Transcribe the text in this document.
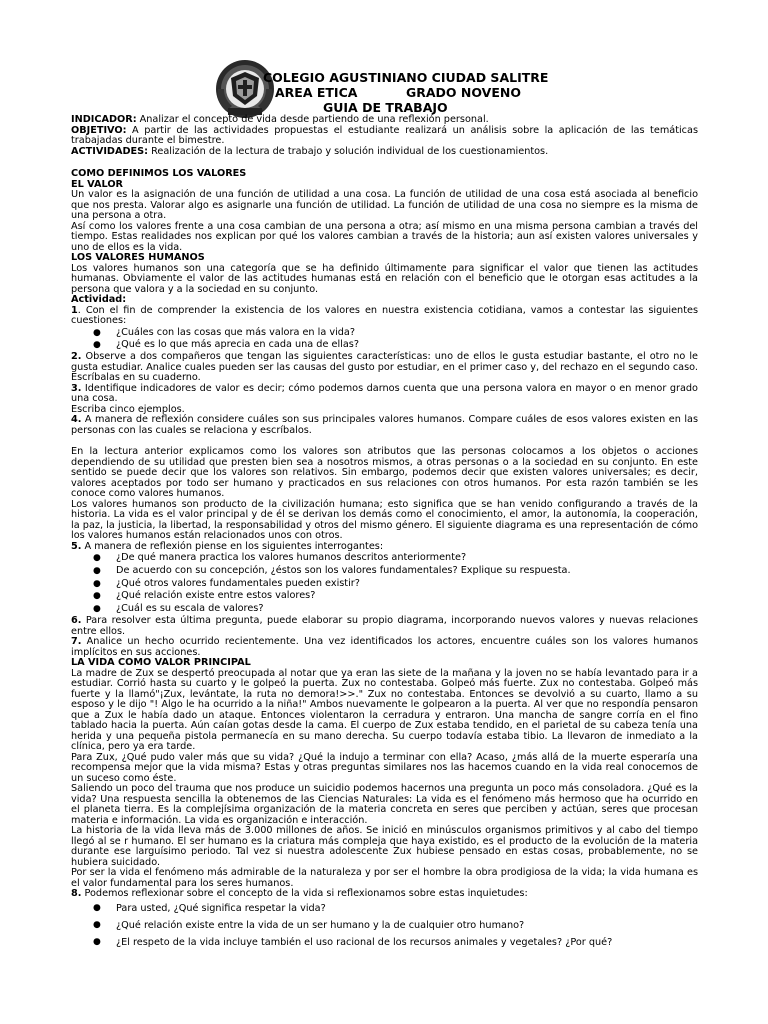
COLEGIO AGUSTINIANO CIUDAD SALITRE
AREA ETICA	GRADO NOVENO
GUIA DE TRABAJO

INDICADOR: Analizar el concepto de vida desde partiendo de una reflexión personal.

OBJETIVO: A partir de las actividades propuestas el estudiante realizará un análisis sobre la aplicación de las temáticas trabajadas durante el bimestre.

ACTIVIDADES: Realización de la lectura de trabajo y solución individual de los cuestionamientos.

COMO DEFINIMOS LOS VALORES

EL VALOR

Un valor es la asignación de una función de utilidad a una cosa. La función de utilidad de una cosa está asociada al beneficio que nos presta. Valorar algo es asignarle una función de utilidad. La función de utilidad de una cosa no siempre es la misma de una persona a otra.

Así como los valores frente a una cosa cambian de una persona a otra; así mismo en una misma persona cambian a través del tiempo. Estas realidades nos explican por qué los valores cambian a través de la historia; aun así existen valores universales y uno de ellos es la vida.

LOS VALORES HUMANOS

Los valores humanos son una categoría que se ha definido últimamente para significar el valor que tienen las actitudes humanas. Obviamente el valor de las actitudes humanas está en relación con el beneficio que le otorgan esas actitudes a la persona que valora y a la sociedad en su conjunto.

Actividad:

1. Con el fin de comprender la existencia de los valores en nuestra existencia cotidiana, vamos a contestar las siguientes cuestiones:

● ¿Cuáles con las cosas que más valora en la vida?
● ¿Qué es lo que más aprecia en cada una de ellas?

2. Observe a dos compañeros que tengan las siguientes características: uno de ellos le gusta estudiar bastante, el otro no le gusta estudiar. Analice cuales pueden ser las causas del gusto por estudiar, en el primer caso y, del rechazo en el segundo caso. Escríbalas en su cuaderno.

3. Identifique indicadores de valor es decir; cómo podemos darnos cuenta que una persona valora en mayor o en menor grado una cosa.

Escriba cinco ejemplos.

4. A manera de reflexión considere cuáles son sus principales valores humanos. Compare cuáles de esos valores existen en las personas con las cuales se relaciona y escríbalos.

En la lectura anterior explicamos como los valores son atributos que las personas colocamos a los objetos o acciones dependiendo de su utilidad que presten bien sea a nosotros mismos, a otras personas o a la sociedad en su conjunto. En este sentido se puede decir que los valores son relativos. Sin embargo, podemos decir que existen valores universales; es decir, valores aceptados por todo ser humano y practicados en sus relaciones con otros humanos. Por esta razón también se les conoce como valores humanos.

Los valores humanos son producto de la civilización humana; esto significa que se han venido configurando a través de la historia. La vida es el valor principal y de él se derivan los demás como el conocimiento, el amor, la autonomía, la cooperación, la paz, la justicia, la libertad, la responsabilidad y otros del mismo género. El siguiente diagrama es una representación de cómo los valores humanos están relacionados unos con otros.

5. A manera de reflexión piense en los siguientes interrogantes:

● ¿De qué manera practica los valores humanos descritos anteriormente?
● De acuerdo con su concepción, ¿éstos son los valores fundamentales? Explique su respuesta.
● ¿Qué otros valores fundamentales pueden existir?
● ¿Qué relación existe entre estos valores?
● ¿Cuál es su escala de valores?

6. Para resolver esta última pregunta, puede elaborar su propio diagrama, incorporando nuevos valores y nuevas relaciones entre ellos.

7. Analice un hecho ocurrido recientemente. Una vez identificados los actores, encuentre cuáles son los valores humanos implícitos en sus acciones.

LA VIDA COMO VALOR PRINCIPAL

La madre de Zux se despertó preocupada al notar que ya eran las siete de la mañana y la joven no se había levantado para ir a estudiar. Corrió hasta su cuarto y le golpeó la puerta. Zux no contestaba. Golpeó más fuerte. Zux no contestaba. Golpeó más fuerte y la llamó"¡Zux, levántate, la ruta no demora!>>." Zux no contestaba. Entonces se devolvió a su cuarto, llamo a su esposo y le dijo "! Algo le ha ocurrido a la niña!" Ambos nuevamente le golpearon a la puerta. Al ver que no respondía pensaron que a Zux le había dado un ataque. Entonces violentaron la cerradura y entraron. Una mancha de sangre corría en el fino tablado hacia la puerta. Aún caían gotas desde la cama. El cuerpo de Zux estaba tendido, en el parietal de su cabeza tenía una herida y una pequeña pistola permanecía en su mano derecha. Su cuerpo todavía estaba tibio. La llevaron de inmediato a la clínica, pero ya era tarde.

Para Zux, ¿Qué pudo valer más que su vida? ¿Qué la indujo a terminar con ella? Acaso, ¿más allá de la muerte esperaría una recompensa mejor que la vida misma? Estas y otras preguntas similares nos las hacemos cuando en la vida real conocemos de un suceso como éste.

Saliendo un poco del trauma que nos produce un suicidio podemos hacernos una pregunta un poco más consoladora. ¿Qué es la vida? Una respuesta sencilla la obtenemos de las Ciencias Naturales: La vida es el fenómeno más hermoso que ha ocurrido en el planeta tierra. Es la complejísima organización de la materia concreta en seres que perciben y actúan, seres que procesan materia e información. La vida es organización e interacción.

La historia de la vida lleva más de 3.000 millones de años. Se inició en minúsculos organismos primitivos y al cabo del tiempo llegó al se r humano. El ser humano es la criatura más compleja que haya existido, es el producto de la evolución de la materia durante ese larguísimo periodo. Tal vez si nuestra adolescente Zux hubiese pensado en estas cosas, probablemente, no se hubiera suicidado.

Por ser la vida el fenómeno más admirable de la naturaleza y por ser el hombre la obra prodigiosa de la vida; la vida humana es el valor fundamental para los seres humanos.

8. Podemos reflexionar sobre el concepto de la vida si reflexionamos sobre estas inquietudes:

● Para usted, ¿Qué significa respetar la vida?
● ¿Qué relación existe entre la vida de un ser humano y la de cualquier otro humano?
● ¿El respeto de la vida incluye también el uso racional de los recursos animales y vegetales? ¿Por qué?
